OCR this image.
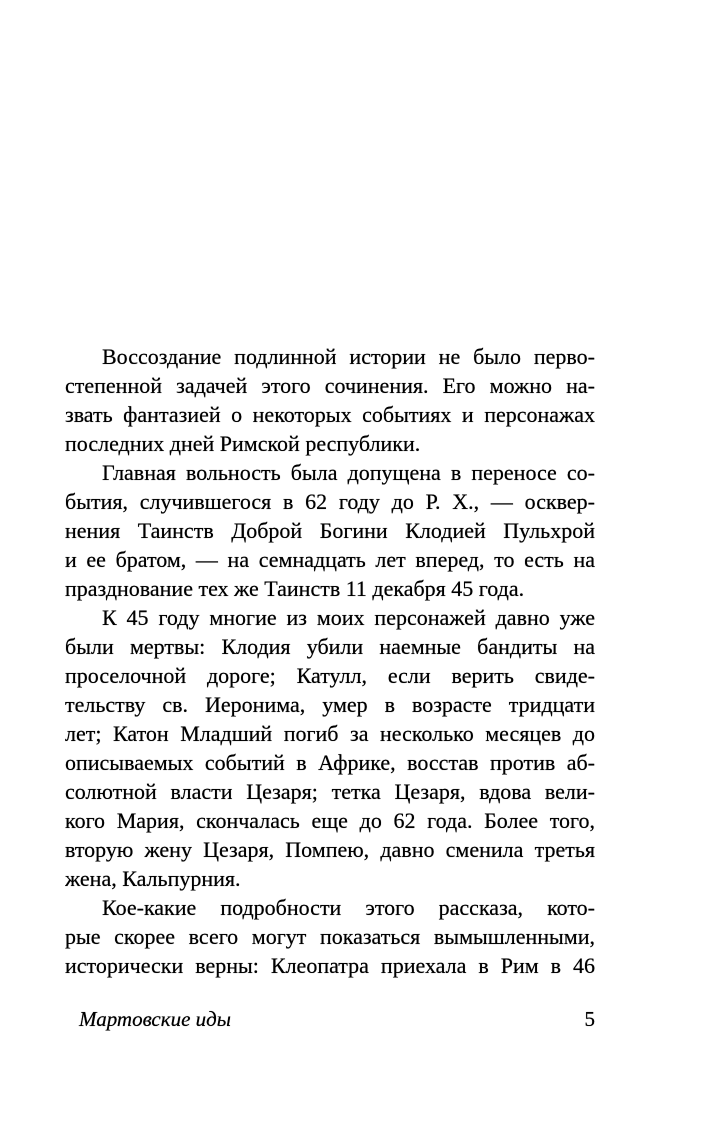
Воссоздание подлинной истории не было перво-
степенной задачей этого сочинения. Его можно на-
звать фантазией о некоторых событиях и персонажах
последних дней Римской республики.
Главная вольность была допущена в переносе со-
бытия, случившегося в 62 году до Р. Х., — осквер-
нения Таинств Доброй Богини Клодией Пульхрой
и ее братом, — на семнадцать лет вперед, то есть на
празднование тех же Таинств 11 декабря 45 года.
К 45 году многие из моих персонажей давно уже
были мертвы: Клодия убили наемные бандиты на
проселочной дороге; Катулл, если верить свиде-
тельству св. Иеронима, умер в возрасте тридцати
лет; Катон Младший погиб за несколько месяцев до
описываемых событий в Африке, восстав против аб-
солютной власти Цезаря; тетка Цезаря, вдова вели-
кого Мария, скончалась еще до 62 года. Более того,
вторую жену Цезаря, Помпею, давно сменила третья
жена, Кальпурния.
Кое-какие подробности этого рассказа, кото-
рые скорее всего могут показаться вымышленными,
исторически верны: Клеопатра приехала в Рим в 46
Мартовские иды	5
